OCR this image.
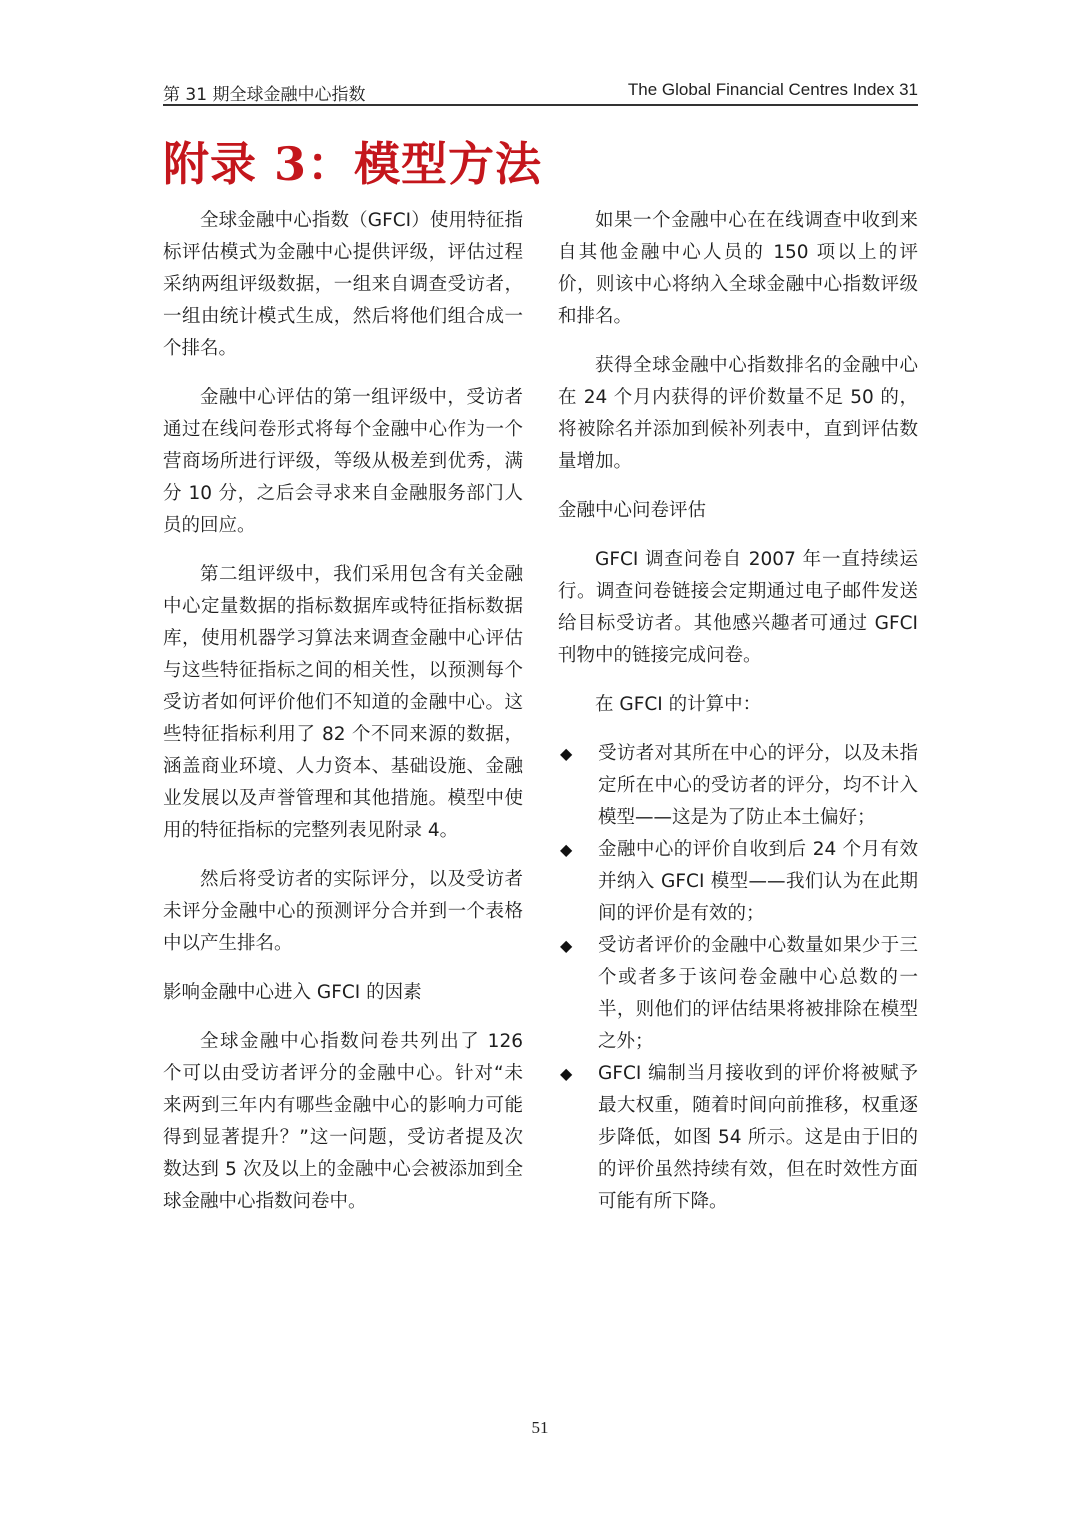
第 31 期全球金融中心指数	The Global Financial Centres Index 31
附录 3：模型方法

全球金融中心指数（GFCI）使用特征指标评估模式为金融中心提供评级，评估过程采纳两组评级数据，一组来自调查受访者，一组由统计模式生成，然后将他们组合成一个排名。

金融中心评估的第一组评级中，受访者通过在线问卷形式将每个金融中心作为一个营商场所进行评级，等级从极差到优秀，满分 10 分，之后会寻求来自金融服务部门人员的回应。

第二组评级中，我们采用包含有关金融中心定量数据的指标数据库或特征指标数据库，使用机器学习算法来调查金融中心评估与这些特征指标之间的相关性，以预测每个受访者如何评价他们不知道的金融中心。这些特征指标利用了 82 个不同来源的数据，涵盖商业环境、人力资本、基础设施、金融业发展以及声誉管理和其他措施。模型中使用的特征指标的完整列表见附录 4。

然后将受访者的实际评分，以及受访者未评分金融中心的预测评分合并到一个表格中以产生排名。

影响金融中心进入 GFCI 的因素

全球金融中心指数问卷共列出了 126 个可以由受访者评分的金融中心。针对“未来两到三年内有哪些金融中心的影响力可能得到显著提升？”这一问题，受访者提及次数达到 5 次及以上的金融中心会被添加到全球金融中心指数问卷中。

如果一个金融中心在在线调查中收到来自其他金融中心人员的 150 项以上的评价，则该中心将纳入全球金融中心指数评级和排名。

获得全球金融中心指数排名的金融中心在 24 个月内获得的评价数量不足 50 的，将被除名并添加到候补列表中，直到评估数量增加。

金融中心问卷评估

GFCI 调查问卷自 2007 年一直持续运行。调查问卷链接会定期通过电子邮件发送给目标受访者。其他感兴趣者可通过 GFCI 刊物中的链接完成问卷。

在 GFCI 的计算中：

◆ 受访者对其所在中心的评分，以及未指定所在中心的受访者的评分，均不计入模型——这是为了防止本土偏好；
◆ 金融中心的评价自收到后 24 个月有效并纳入 GFCI 模型——我们认为在此期间的评价是有效的；
◆ 受访者评价的金融中心数量如果少于三个或者多于该问卷金融中心总数的一半，则他们的评估结果将被排除在模型之外；
◆ GFCI 编制当月接收到的评价将被赋予最大权重，随着时间向前推移，权重逐步降低，如图 54 所示。这是由于旧的的评价虽然持续有效，但在时效性方面可能有所下降。
51
